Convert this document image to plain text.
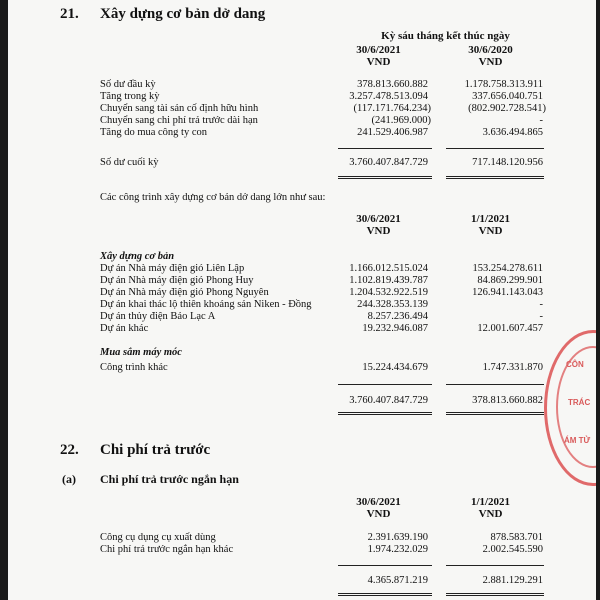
21. Xây dựng cơ bản dở dang
Kỳ sáu tháng kết thúc ngày
30/6/2021	30/6/2020
VND	VND
Số dư đầu kỳ	378.813.660.882	1.178.758.313.911
Tăng trong kỳ	3.257.478.513.094	337.656.040.751
Chuyển sang tài sản cố định hữu hình	(117.171.764.234)	(802.902.728.541)
Chuyển sang chi phí trả trước dài hạn	(241.969.000)	-
Tăng do mua công ty con	241.529.406.987	3.636.494.865
Số dư cuối kỳ	3.760.407.847.729	717.148.120.956
Các công trình xây dựng cơ bản dở dang lớn như sau:
30/6/2021	1/1/2021
VND	VND
Xây dựng cơ bản
Dự án Nhà máy điện gió Liên Lập	1.166.012.515.024	153.254.278.611
Dự án Nhà máy điện gió Phong Huy	1.102.819.439.787	84.869.299.901
Dự án Nhà máy điện gió Phong Nguyên	1.204.532.922.519	126.941.143.043
Dự án khai thác lộ thiên khoáng sản Niken - Đồng	244.328.353.139	-
Dự án thủy điện Bảo Lạc A	8.257.236.494	-
Dự án khác	19.232.946.087	12.001.607.457
Mua sắm máy móc
Công trình khác	15.224.434.679	1.747.331.870
3.760.407.847.729	378.813.660.882
22. Chi phí trả trước
(a) Chi phí trả trước ngắn hạn
30/6/2021	1/1/2021
VND	VND
Công cụ dụng cụ xuất dùng	2.391.639.190	878.583.701
Chi phí trả trước ngắn hạn khác	1.974.232.029	2.002.545.590
4.365.871.219	2.881.129.291
CÔN
TRÁC
ÁM TỬ
